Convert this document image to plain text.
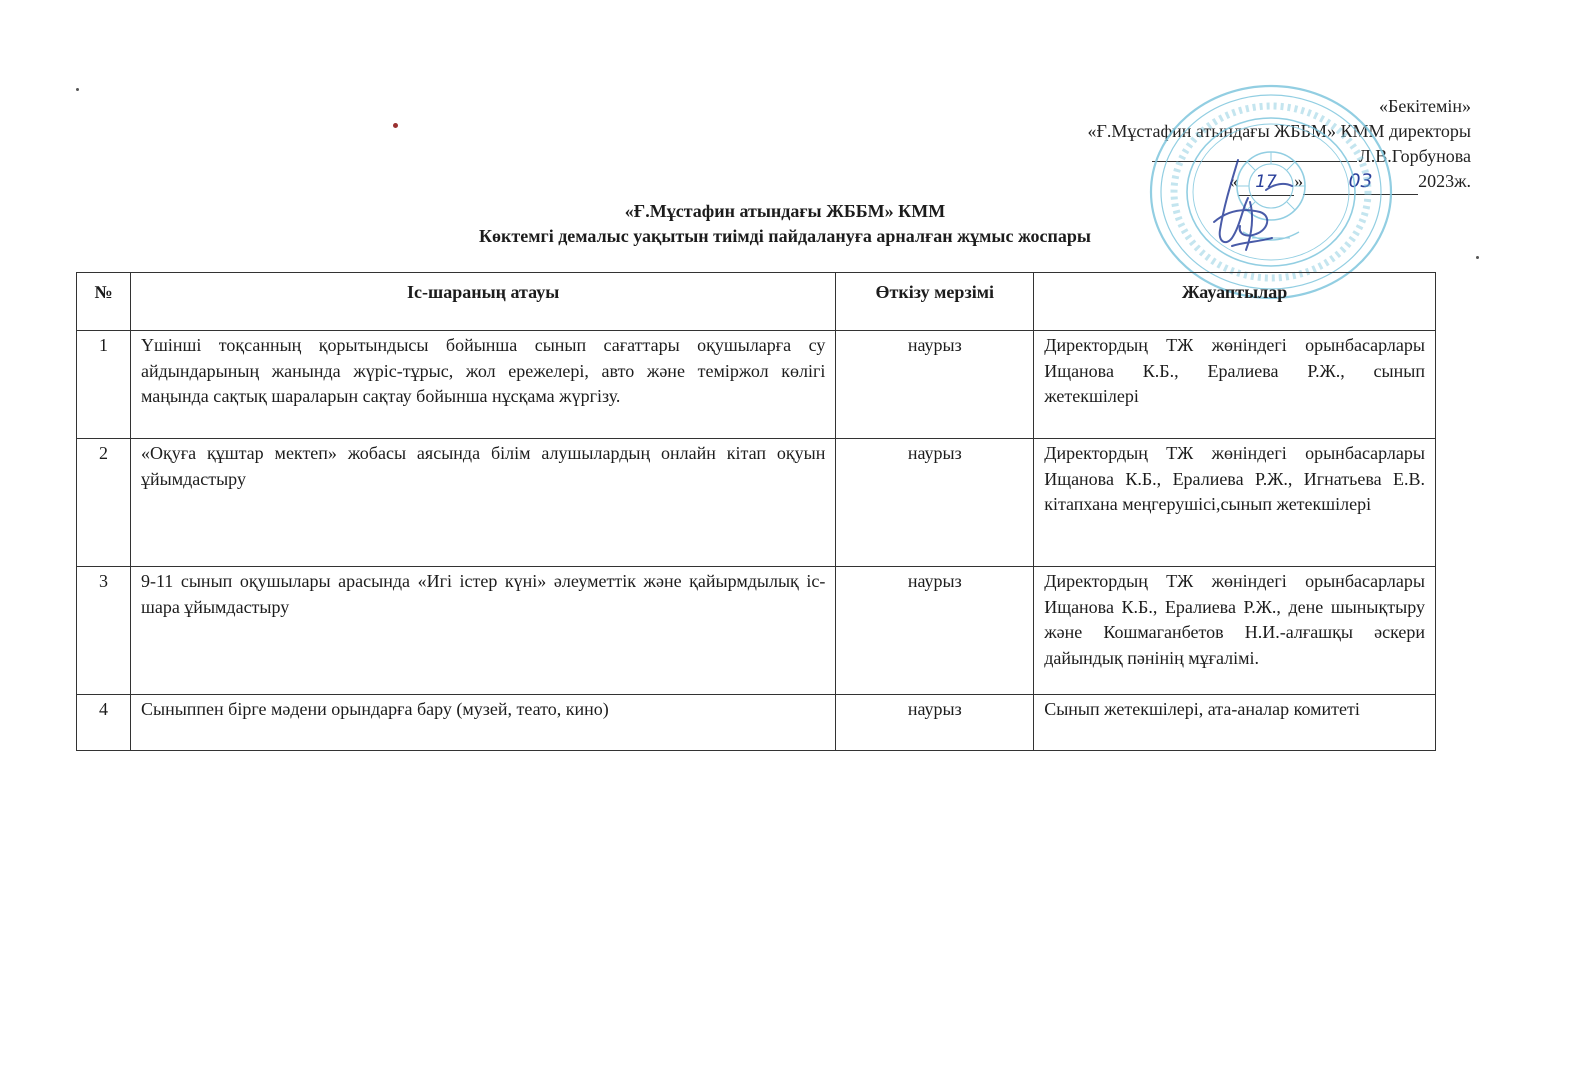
«Бекітемін»
«Ғ.Мұстафин атындағы ЖББМ» КММ директоры
Л.В.Горбунова
« 17 » 03	2023ж.
«Ғ.Мұстафин атындағы ЖББМ» КММ
Көктемгі демалыс уақытын тиімді пайдалануға арналған жұмыс жоспары
№	Іс-шараның атауы	Өткізу мерзімі	Жауаптылар
1	Үшінші тоқсанның қорытындысы бойынша сынып сағаттары оқушыларға су айдындарының жанында жүріс-тұрыс, жол ережелері, авто және теміржол көлігі маңында сақтық шараларын сақтау бойынша нұсқама жүргізу.	наурыз	Директордың ТЖ жөніндегі орынбасарлары Ищанова К.Б., Ералиева Р.Ж., сынып жетекшілері
2	«Оқуға құштар мектеп» жобасы аясында білім алушылардың онлайн кітап оқуын ұйымдастыру	наурыз	Директордың ТЖ жөніндегі орынбасарлары Ищанова К.Б., Ералиева Р.Ж., Игнатьева Е.В. кітапхана меңгерушісі,сынып жетекшілері
3	9-11 сынып оқушылары арасында «Игі істер күні» әлеуметтік және қайырмдылық іс-шара ұйымдастыру	наурыз	Директордың ТЖ жөніндегі орынбасарлары Ищанова К.Б., Ералиева Р.Ж., дене шынықтыру және Кошмаганбетов Н.И.-алғашқы әскери дайындық пәнінің мұғалімі.
4	Сыныппен бірге мәдени орындарға бару (музей, теато, кино)	наурыз	Сынып жетекшілері, ата-аналар комитеті
